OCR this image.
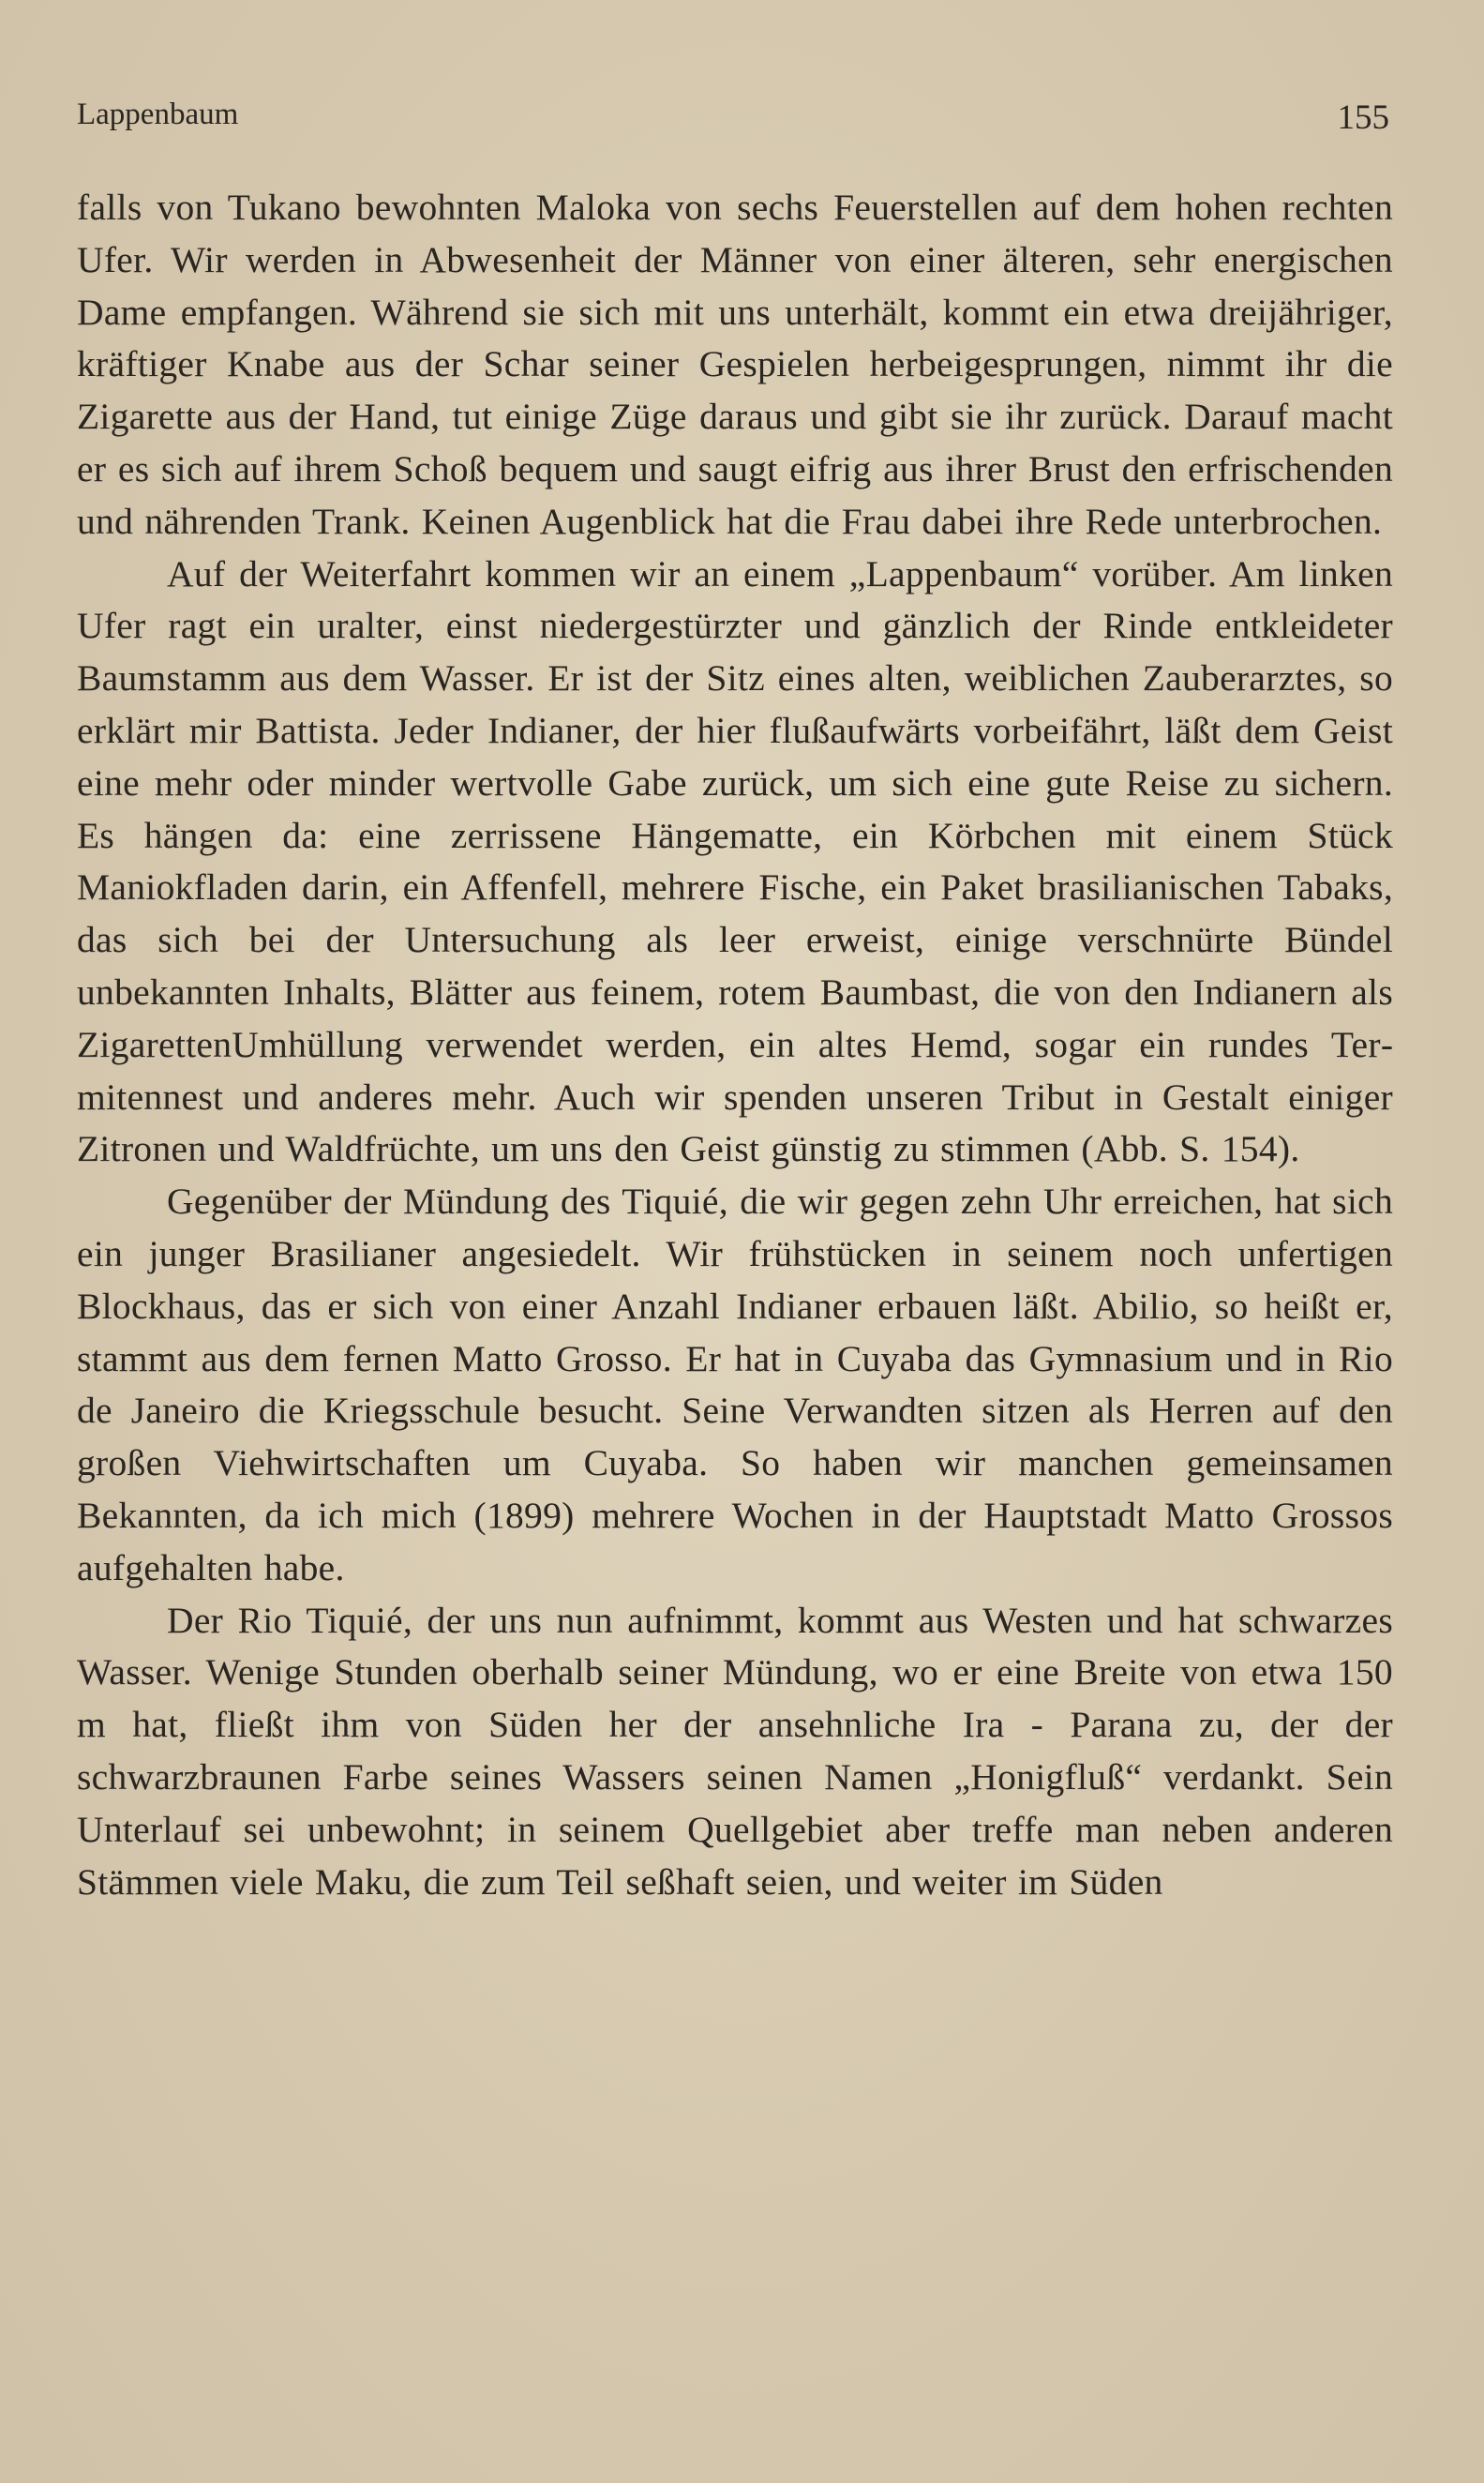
Lappenbaum	155

falls von Tukano bewohnten Maloka von sechs Feuerstellen auf dem hohen rechten Ufer. Wir werden in Abwesenheit der Männer von einer älteren, sehr energischen Dame empfangen. Während sie sich mit uns unterhält, kommt ein etwa dreijähriger, kräftiger Knabe aus der Schar seiner Gespielen herbeigesprungen, nimmt ihr die Zigarette aus der Hand, tut einige Züge daraus und gibt sie ihr zurück. Darauf macht er es sich auf ihrem Schoß bequem und saugt eifrig aus ihrer Brust den erfrischenden und nährenden Trank. Keinen Augenblick hat die Frau dabei ihre Rede unterbrochen.

Auf der Weiterfahrt kommen wir an einem „Lappenbaum“ vorüber. Am linken Ufer ragt ein uralter, einst niedergestürzter und gänzlich der Rinde entkleideter Baumstamm aus dem Wasser. Er ist der Sitz eines alten, weiblichen Zauberarztes, so erklärt mir Battista. Jeder Indianer, der hier flußaufwärts vorbeifährt, läßt dem Geist eine mehr oder minder wertvolle Gabe zurück, um sich eine gute Reise zu sichern. Es hängen da: eine zerrissene Hängematte, ein Körbchen mit einem Stück Maniokfladen darin, ein Affenfell, mehrere Fische, ein Paket brasilianischen Tabaks, das sich bei der Untersuchung als leer erweist, einige verschnürte Bündel unbekannten Inhalts, Blätter aus feinem, rotem Baumbast, die von den Indianern als ZigarettenUmhüllung verwendet werden, ein altes Hemd, sogar ein rundes Termitennest und anderes mehr. Auch wir spenden unseren Tribut in Gestalt einiger Zitronen und Waldfrüchte, um uns den Geist günstig zu stimmen (Abb. S. 154).

Gegenüber der Mündung des Tiquié, die wir gegen zehn Uhr erreichen, hat sich ein junger Brasilianer angesiedelt. Wir frühstücken in seinem noch unfertigen Blockhaus, das er sich von einer Anzahl Indianer erbauen läßt. Abilio, so heißt er, stammt aus dem fernen Matto Grosso. Er hat in Cuyaba das Gymnasium und in Rio de Janeiro die Kriegsschule besucht. Seine Verwandten sitzen als Herren auf den großen Viehwirtschaften um Cuyaba. So haben wir manchen gemeinsamen Bekannten, da ich mich (1899) mehrere Wochen in der Hauptstadt Matto Grossos aufgehalten habe.

Der Rio Tiquié, der uns nun aufnimmt, kommt aus Westen und hat schwarzes Wasser. Wenige Stunden oberhalb seiner Mündung, wo er eine Breite von etwa 150 m hat, fließt ihm von Süden her der ansehnliche Ira - Parana zu, der der schwarzbraunen Farbe seines Wassers seinen Namen „Honigfluß“ verdankt. Sein Unterlauf sei unbewohnt; in seinem Quellgebiet aber treffe man neben anderen Stämmen viele Maku, die zum Teil seßhaft seien, und weiter im Süden
